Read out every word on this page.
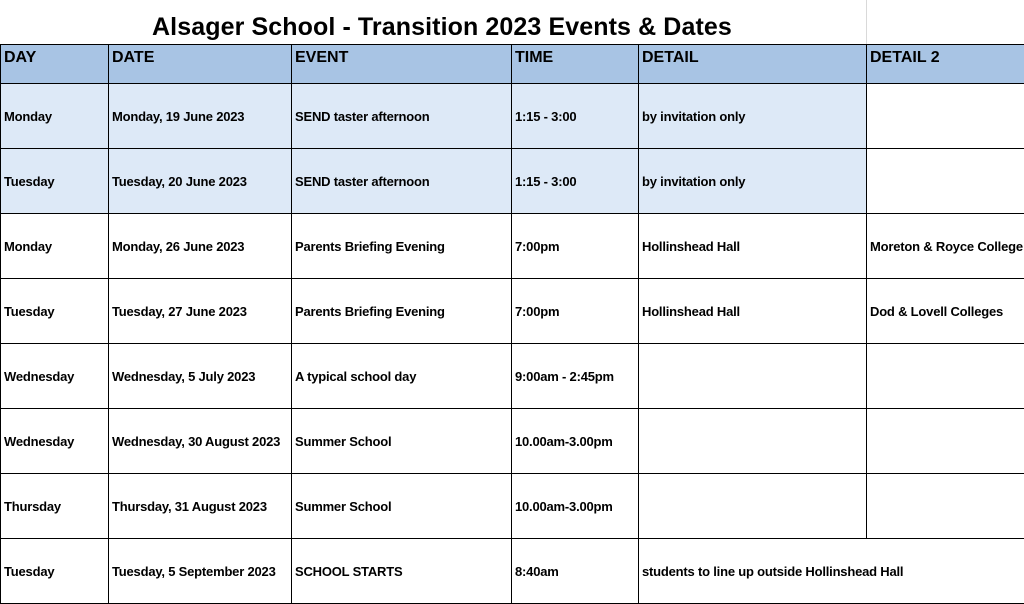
Alsager School - Transition 2023 Events & Dates
DAY	DATE	EVENT	TIME	DETAIL	DETAIL 2
Monday	Monday, 19 June 2023	SEND taster afternoon	1:15 - 3:00	by invitation only	
Tuesday	Tuesday, 20 June 2023	SEND taster afternoon	1:15 - 3:00	by invitation only	
Monday	Monday, 26 June 2023	Parents Briefing Evening	7:00pm	Hollinshead Hall	Moreton & Royce College
Tuesday	Tuesday, 27 June 2023	Parents Briefing Evening	7:00pm	Hollinshead Hall	Dod & Lovell Colleges
Wednesday	Wednesday, 5 July 2023	A typical school day	9:00am - 2:45pm		
Wednesday	Wednesday, 30 August 2023	Summer School	10.00am-3.00pm		
Thursday	Thursday, 31 August 2023	Summer School	10.00am-3.00pm		
Tuesday	Tuesday, 5 September 2023	SCHOOL STARTS	8:40am	students to line up outside Hollinshead Hall	
